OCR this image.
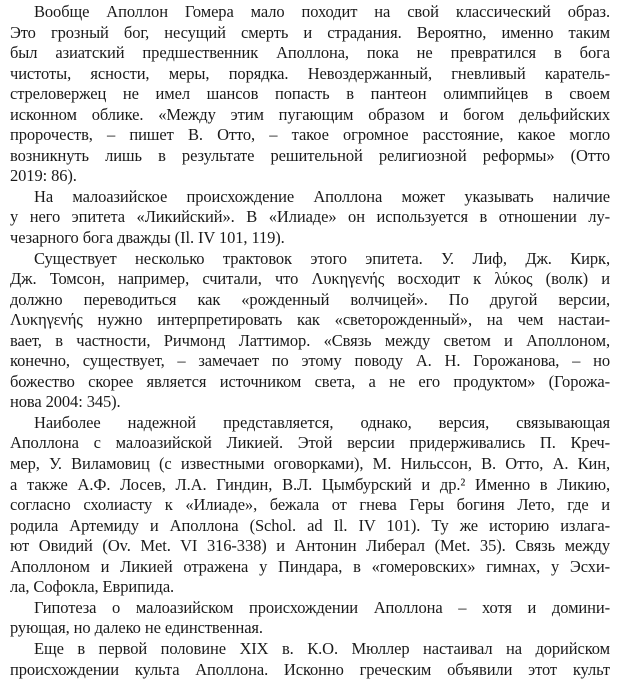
Вообще Аполлон Гомера мало походит на свой классический образ.
Это грозный бог, несущий смерть и страдания. Вероятно, именно таким
был азиатский предшественник Аполлона, пока не превратился в бога
чистоты, ясности, меры, порядка. Невоздержанный, гневливый каратель-
стреловержец не имел шансов попасть в пантеон олимпийцев в своем
исконном облике. «Между этим пугающим образом и богом дельфийских
пророчеств, – пишет В. Отто, – такое огромное расстояние, какое могло
возникнуть лишь в результате решительной религиозной реформы» (Отто
2019: 86).
На малоазийское происхождение Аполлона может указывать наличие
у него эпитета «Ликийский». В «Илиаде» он используется в отношении лу-
чезарного бога дважды (Il. IV 101, 119).
Существует несколько трактовок этого эпитета. У. Лиф, Дж. Кирк,
Дж. Томсон, например, считали, что Λυκηγενής восходит к λύκος (волк) и
должно переводиться как «рожденный волчицей». По другой версии,
Λυκηγενής нужно интерпретировать как «светорожденный», на чем настаи-
вает, в частности, Ричмонд Латтимор. «Связь между светом и Аполлоном,
конечно, существует, – замечает по этому поводу А. Н. Горожанова, – но
божество скорее является источником света, а не его продуктом» (Горожа-
нова 2004: 345).
Наиболее надежной представляется, однако, версия, связывающая
Аполлона с малоазийской Ликией. Этой версии придерживались П. Креч-
мер, У. Виламовиц (с известными оговорками), М. Нильссон, В. Отто, А. Кин,
а также А.Ф. Лосев, Л.А. Гиндин, В.Л. Цымбурский и др.² Именно в Ликию,
согласно схолиасту к «Илиаде», бежала от гнева Геры богиня Лето, где и
родила Артемиду и Аполлона (Schol. ad Il. IV 101). Ту же историю излага-
ют Овидий (Ov. Met. VI 316-338) и Антонин Либерал (Met. 35). Связь между
Аполлоном и Ликией отражена у Пиндара, в «гомеровских» гимнах, у Эсхи-
ла, Софокла, Еврипида.
Гипотеза о малоазийском происхождении Аполлона – хотя и домини-
рующая, но далеко не единственная.
Еще в первой половине XIX в. К.О. Мюллер настаивал на дорийском
происхождении культа Аполлона. Исконно греческим объявили этот культ
